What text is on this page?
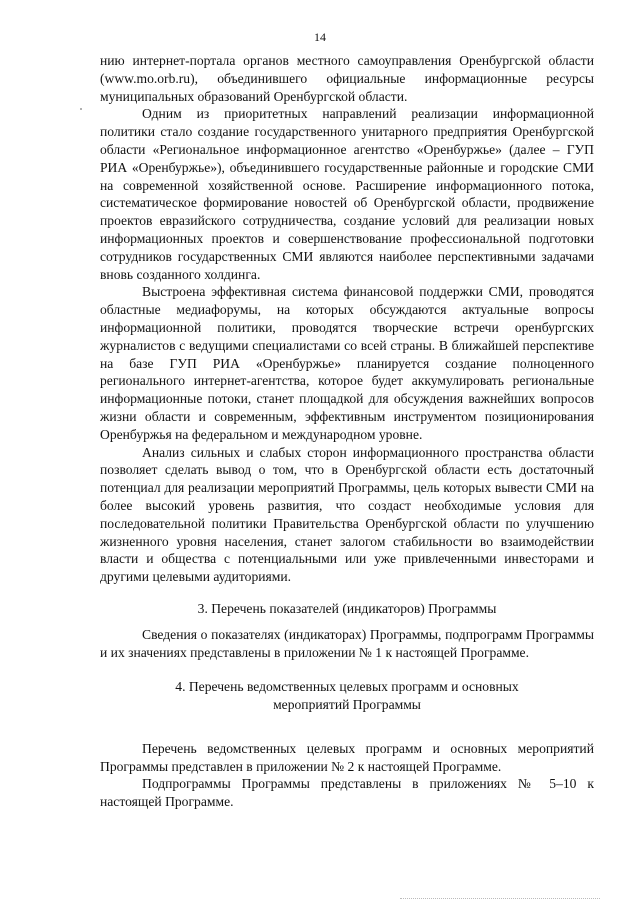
14

нию интернет-портала органов местного самоуправления Оренбургской области (www.mo.orb.ru), объединившего официальные информационные ресурсы муниципальных образований Оренбургской области.

Одним из приоритетных направлений реализации информационной политики стало создание государственного унитарного предприятия Оренбургской области «Региональное информационное агентство «Оренбуржье» (далее – ГУП РИА «Оренбуржье»), объединившего государственные районные и городские СМИ на современной хозяйственной основе. Расширение информационного потока, систематическое формирование новостей об Оренбургской области, продвижение проектов евразийского сотрудничества, создание условий для реализации новых информационных проектов и совершенствование профессиональной подготовки сотрудников государственных СМИ являются наиболее перспективными задачами вновь созданного холдинга.

Выстроена эффективная система финансовой поддержки СМИ, проводятся областные медиафорумы, на которых обсуждаются актуальные вопросы информационной политики, проводятся творческие встречи оренбургских журналистов с ведущими специалистами со всей страны. В ближайшей перспективе на базе ГУП РИА «Оренбуржье» планируется создание полноценного регионального интернет-агентства, которое будет аккумулировать региональные информационные потоки, станет площадкой для обсуждения важнейших вопросов жизни области и современным, эффективным инструментом позиционирования Оренбуржья на федеральном и международном уровне.

Анализ сильных и слабых сторон информационного пространства области позволяет сделать вывод о том, что в Оренбургской области есть достаточный потенциал для реализации мероприятий Программы, цель которых вывести СМИ на более высокий уровень развития, что создаст необходимые условия для последовательной политики Правительства Оренбургской области по улучшению жизненного уровня населения, станет залогом стабильности во взаимодействии власти и общества с потенциальными или уже привлеченными инвесторами и другими целевыми аудиториями.

3. Перечень показателей (индикаторов) Программы

Сведения о показателях (индикаторах) Программы, подпрограмм Программы и их значениях представлены в приложении № 1 к настоящей Программе.

4. Перечень ведомственных целевых программ и основных
мероприятий Программы

Перечень ведомственных целевых программ и основных мероприятий Программы представлен в приложении № 2 к настоящей Программе.

Подпрограммы Программы представлены в приложениях № 5–10 к настоящей Программе.
